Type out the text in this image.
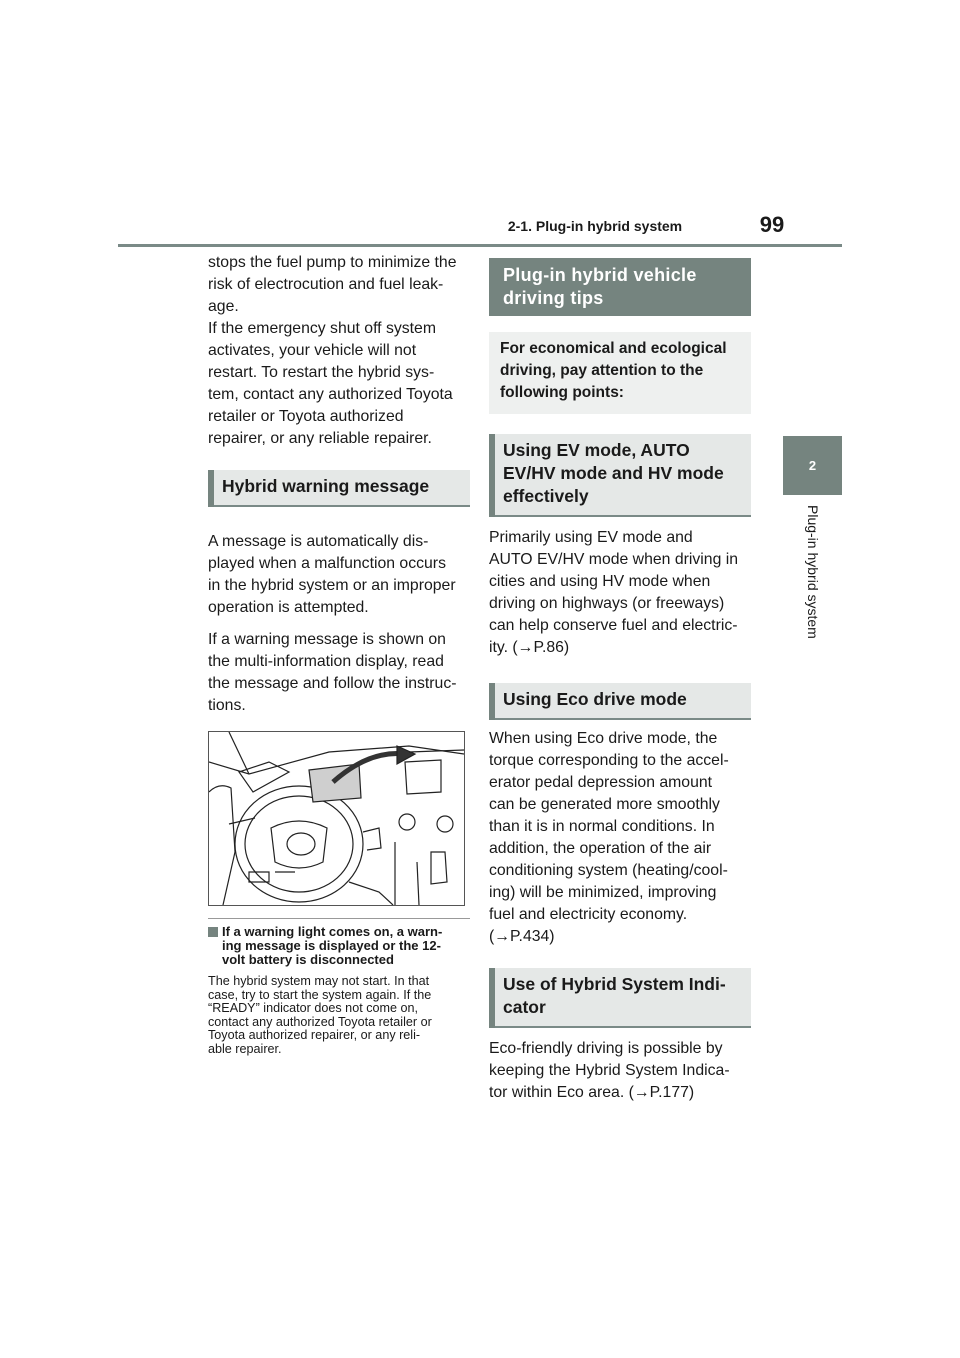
2-1. Plug-in hybrid system	99
2
Plug-in hybrid system

stops the fuel pump to minimize the
risk of electrocution and fuel leak-
age.
If the emergency shut off system
activates, your vehicle will not
restart. To restart the hybrid sys-
tem, contact any authorized Toyota
retailer or Toyota authorized
repairer, or any reliable repairer.

Hybrid warning message

A message is automatically dis-
played when a malfunction occurs
in the hybrid system or an improper
operation is attempted.

If a warning message is shown on
the multi-information display, read
the message and follow the instruc-
tions.

If a warning light comes on, a warn-
ing message is displayed or the 12-
volt battery is disconnected
The hybrid system may not start. In that
case, try to start the system again. If the
“READY” indicator does not come on,
contact any authorized Toyota retailer or
Toyota authorized repairer, or any reli-
able repairer.
Plug-in hybrid vehicle
driving tips
For economical and ecological
driving, pay attention to the
following points:
Using EV mode, AUTO
EV/HV mode and HV mode
effectively

Primarily using EV mode and
AUTO EV/HV mode when driving in
cities and using HV mode when
driving on highways (or freeways)
can help conserve fuel and electric-
ity. (→P.86)

Using Eco drive mode

When using Eco drive mode, the
torque corresponding to the accel-
erator pedal depression amount
can be generated more smoothly
than it is in normal conditions. In
addition, the operation of the air
conditioning system (heating/cool-
ing) will be minimized, improving
fuel and electricity economy.
(→P.434)

Use of Hybrid System Indi-
cator

Eco-friendly driving is possible by
keeping the Hybrid System Indica-
tor within Eco area. (→P.177)
